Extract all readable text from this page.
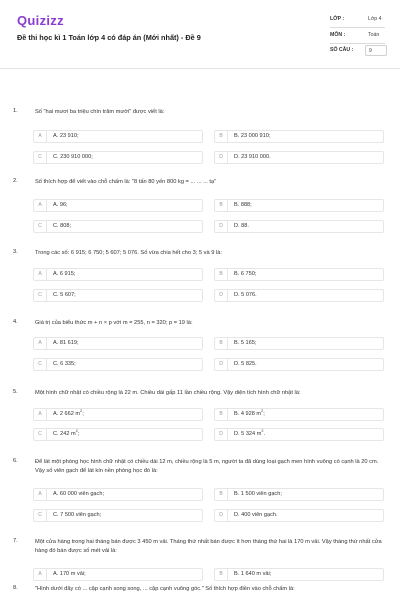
Quizizz
Đề thi học kì 1 Toán lớp 4 có đáp án (Mới nhất) - Đề 9
LỚP :	Lớp 4
MÔN :	Toán
SỐ CÂU :	9
1.	Số "hai mươi ba triệu chín trăm mười" được viết là:
A	A. 23 910;	B	B. 23 000 910;
C	C. 230 910 000;	D	D. 23 910 000.
2.	Số thích hợp để viết vào chỗ chấm là: "8 tấn 80 yến 800 kg = ... ... ... tạ"
A	A. 96;	B	B. 888;
C	C. 808;	D	D. 88.
3.	Trong các số: 6 915; 6 750; 5 607; 5 076. Số vừa chia hết cho 3; 5 và 9 là:
A	A. 6 915;	B	B. 6 750;
C	C. 5 607;	D	D. 5 076.
4.	Giá trị của biểu thức m + n × p với m = 255, n = 320; p = 19 là:
A	A. 81 619;	B	B. 5 165;
C	C. 6 335;	D	D. 5 825.
5.	Một hình chữ nhật có chiều rộng là 22 m. Chiều dài gấp 11 lần chiều rộng. Vậy diện tích hình chữ nhật là:
A	A. 2 662 $m^2$;	B	B. 4 928 $m^2$;
C	C. 242 $m^2$;	D	D. 5 324 $m^2$.
6.	Để lát một phòng học hình chữ nhật có chiều dài 12 m, chiều rộng là 5 m, người ta đã dùng loại gạch men hình vuông có cạnh là 20 cm. Vậy số viên gạch để lát kín nền phòng học đó là:
A	A. 60 000 viên gạch;	B	B. 1 500 viên gạch;
C	C. 7 500 viên gạch;	D	D. 400 viên gạch.
7.	Một cửa hàng trong hai tháng bán được 3 450 m vải. Tháng thứ nhất bán được ít hơn tháng thứ hai là 170 m vải. Vậy tháng thứ nhất cửa hàng đó bán được số mét vải là:
A	A. 170 m vải;	B	B. 1 640 m vải;
8.	"Hình dưới đây có ... cặp cạnh song song, ... cặp cạnh vuông góc." Số thích hợp điền vào chỗ chấm là:
